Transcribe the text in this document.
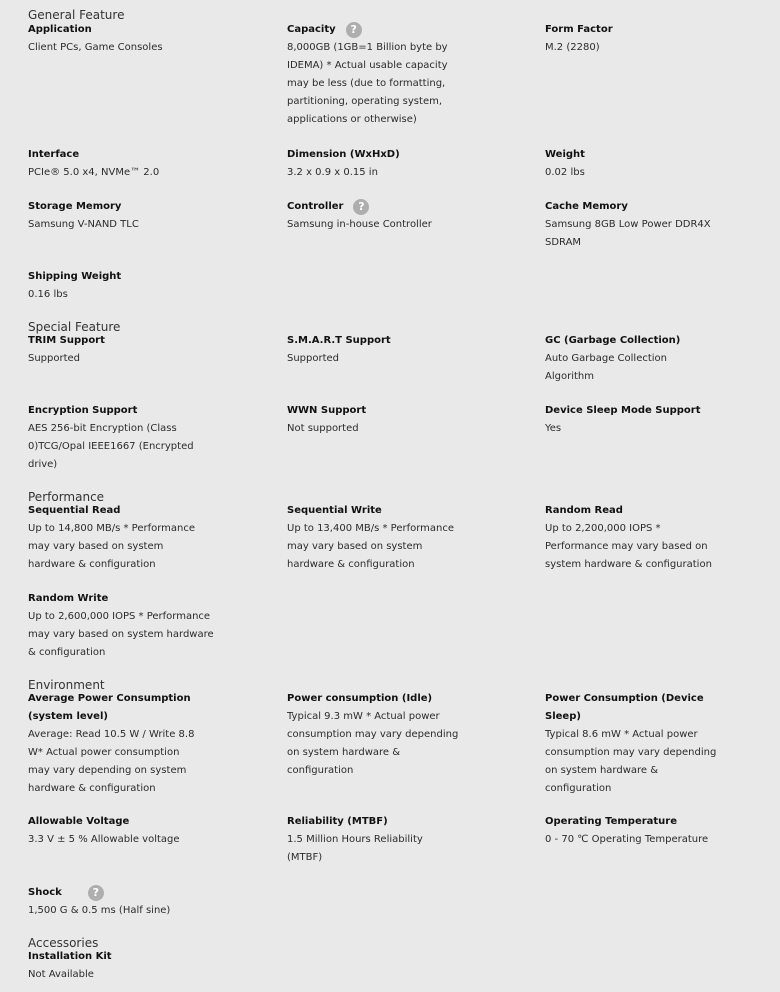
General Feature
Application
Client PCs, Game Consoles
Capacity	?
8,000GB (1GB=1 Billion byte by
IDEMA) * Actual usable capacity
may be less (due to formatting,
partitioning, operating system,
applications or otherwise)
Form Factor
M.2 (2280)
Interface
PCIe® 5.0 x4, NVMe™ 2.0
Dimension (WxHxD)
3.2 x 0.9 x 0.15 in
Weight
0.02 lbs
Storage Memory
Samsung V-NAND TLC
Controller	?
Samsung in-house Controller
Cache Memory
Samsung 8GB Low Power DDR4X
SDRAM
Shipping Weight
0.16 lbs
Special Feature
TRIM Support
Supported
S.M.A.R.T Support
Supported
GC (Garbage Collection)
Auto Garbage Collection
Algorithm
Encryption Support
AES 256-bit Encryption (Class
0)TCG/Opal IEEE1667 (Encrypted
drive)
WWN Support
Not supported
Device Sleep Mode Support
Yes
Performance
Sequential Read
Up to 14,800 MB/s * Performance
may vary based on system
hardware & configuration
Sequential Write
Up to 13,400 MB/s * Performance
may vary based on system
hardware & configuration
Random Read
Up to 2,200,000 IOPS *
Performance may vary based on
system hardware & configuration
Random Write
Up to 2,600,000 IOPS * Performance
may vary based on system hardware
& configuration
Environment
Average Power Consumption
(system level)
Average: Read 10.5 W / Write 8.8
W* Actual power consumption
may vary depending on system
hardware & configuration
Power consumption (Idle)
Typical 9.3 mW * Actual power
consumption may vary depending
on system hardware &
configuration
Power Consumption (Device
Sleep)
Typical 8.6 mW * Actual power
consumption may vary depending
on system hardware &
configuration
Allowable Voltage
3.3 V ± 5 % Allowable voltage
Reliability (MTBF)
1.5 Million Hours Reliability
(MTBF)
Operating Temperature
0 - 70 ℃ Operating Temperature
Shock	?
1,500 G & 0.5 ms (Half sine)
Accessories
Installation Kit
Not Available
